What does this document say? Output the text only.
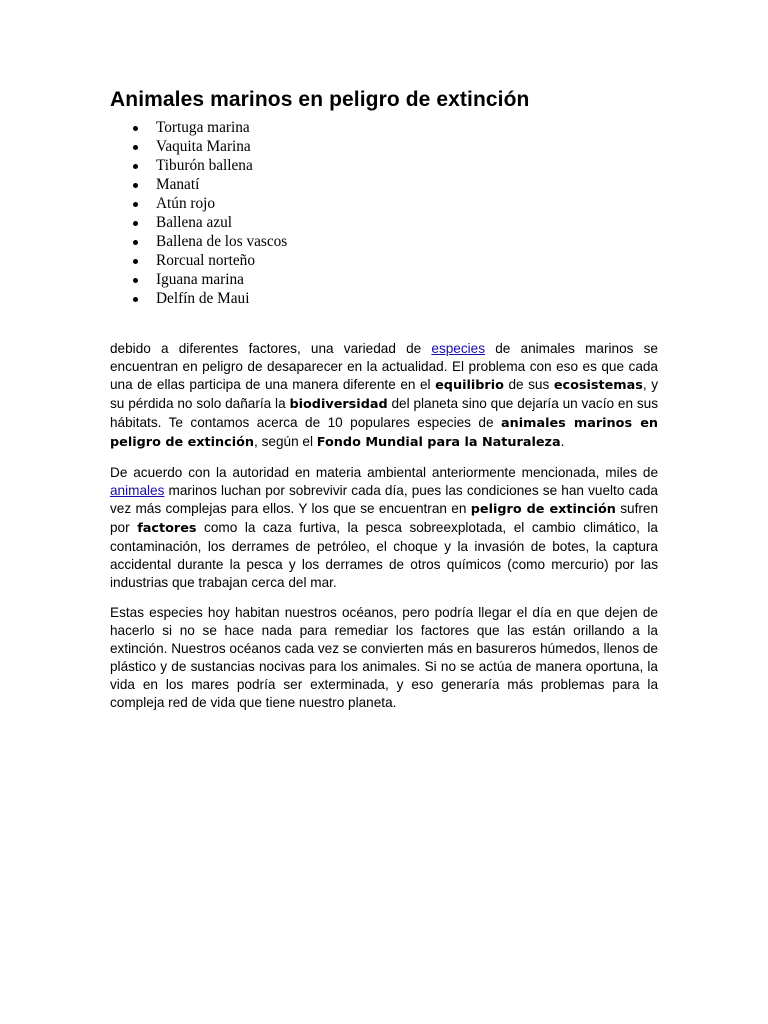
Animales marinos en peligro de extinción
Tortuga marina
Vaquita Marina
Tiburón ballena
Manatí
Atún rojo
Ballena azul
Ballena de los vascos
Rorcual norteño
Iguana marina
Delfín de Maui

debido a diferentes factores, una variedad de especies de animales marinos se encuentran en peligro de desaparecer en la actualidad. El problema con eso es que cada una de ellas participa de una manera diferente en el equilibrio de sus ecosistemas, y su pérdida no solo dañaría la biodiversidad del planeta sino que dejaría un vacío en sus hábitats. Te contamos acerca de 10 populares especies de animales marinos en peligro de extinción, según el Fondo Mundial para la Naturaleza.

De acuerdo con la autoridad en materia ambiental anteriormente mencionada, miles de animales marinos luchan por sobrevivir cada día, pues las condiciones se han vuelto cada vez más complejas para ellos. Y los que se encuentran en peligro de extinción sufren por factores como la caza furtiva, la pesca sobreexplotada, el cambio climático, la contaminación, los derrames de petróleo, el choque y la invasión de botes, la captura accidental durante la pesca y los derrames de otros químicos (como mercurio) por las industrias que trabajan cerca del mar.

Estas especies hoy habitan nuestros océanos, pero podría llegar el día en que dejen de hacerlo si no se hace nada para remediar los factores que las están orillando a la extinción. Nuestros océanos cada vez se convierten más en basureros húmedos, llenos de plástico y de sustancias nocivas para los animales. Si no se actúa de manera oportuna, la vida en los mares podría ser exterminada, y eso generaría más problemas para la compleja red de vida que tiene nuestro planeta.
